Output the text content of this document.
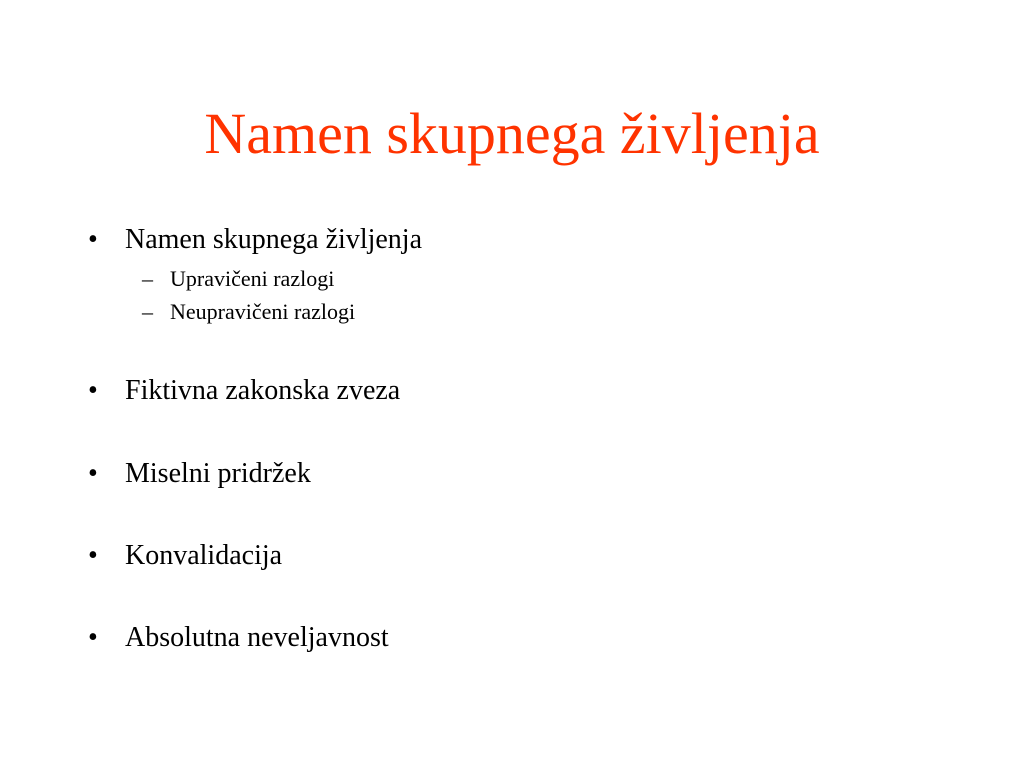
Namen skupnega življenja
• Namen skupnega življenja
– Upravičeni razlogi
– Neupravičeni razlogi
• Fiktivna zakonska zveza
• Miselni pridržek
• Konvalidacija
• Absolutna neveljavnost
